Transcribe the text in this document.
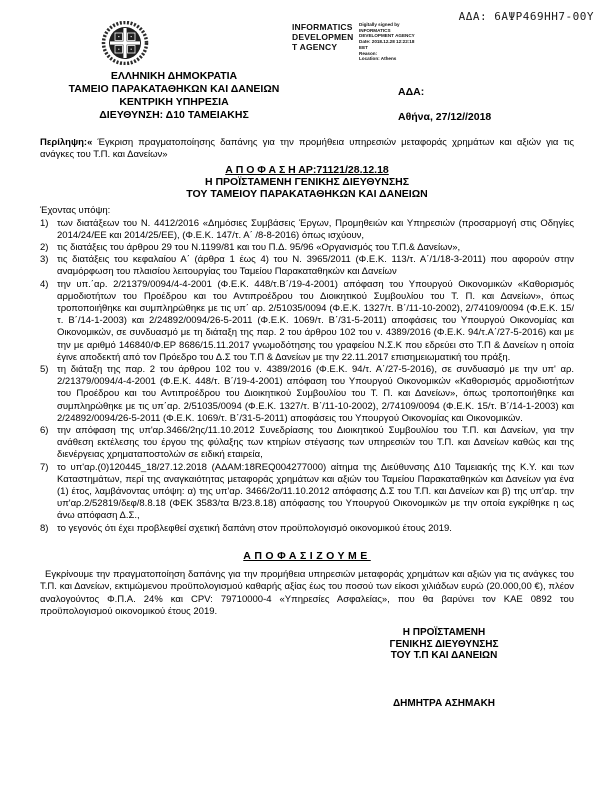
ΑΔΑ: 6ΑΨΡ469ΗΗ7-00Υ
INFORMATICS
DEVELOPMEN
T AGENCY
Digitally signed by
INFORMATICS
DEVELOPMENT AGENCY
Date: 2018.12.28 12:22:18
EET
Reason:
Location: Athens
ΕΛΛΗΝΙΚΗ ΔΗΜΟΚΡΑΤΙΑ
ΤΑΜΕΙΟ ΠΑΡΑΚΑΤΑΘΗΚΩΝ ΚΑΙ ΔΑΝΕΙΩΝ
ΚΕΝΤΡΙΚΗ ΥΠΗΡΕΣΙΑ
ΔΙΕΥΘΥΝΣΗ: Δ10 ΤΑΜΕΙΑΚΗΣ
ΑΔΑ:
Αθήνα, 27/12//2018

Περίληψη:« Έγκριση πραγματοποίησης δαπάνης για την προμήθεια υπηρεσιών μεταφοράς χρημάτων και αξιών για τις ανάγκες του Τ.Π. και Δανείων»

Α Π Ο Φ Α Σ Η ΑΡ:71121/28.12.18
Η ΠΡΟΪΣΤΑΜΕΝΗ ΓΕΝΙΚΗΣ ΔΙΕΥΘΥΝΣΗΣ
ΤΟΥ ΤΑΜΕΙΟΥ ΠΑΡΑΚΑΤΑΘΗΚΩΝ ΚΑΙ ΔΑΝΕΙΩΝ
Έχοντας υπόψη:
1) των διατάξεων του Ν. 4412/2016 «Δημόσιες Συμβάσεις Έργων, Προμηθειών και Υπηρεσιών (προσαρμογή στις Οδηγίες 2014/24/ΕΕ και 2014/25/ΕΕ), (Φ.Ε.Κ. 147/τ. Α΄ /8-8-2016) όπως ισχύουν,
2) τις διατάξεις του άρθρου 29 του Ν.1199/81 και του Π.Δ. 95/96 «Οργανισμός του Τ.Π.& Δανείων»,
3) τις διατάξεις του κεφαλαίου Α΄ (άρθρα 1 έως 4) του Ν. 3965/2011 (Φ.Ε.Κ. 113/τ. Α΄/1/18-3-2011) που αφορούν στην αναμόρφωση του πλαισίου λειτουργίας του Ταμείου Παρακαταθηκών και Δανείων
4) την υπ.΄αρ. 2/21379/0094/4-4-2001 (Φ.Ε.Κ. 448/τ.Β΄/19-4-2001) απόφαση του Υπουργού Οικονομικών «Καθορισμός αρμοδιοτήτων του Προέδρου και του Αντιπροέδρου του Διοικητικού Συμβουλίου του Τ. Π. και Δανείων», όπως τροποποιήθηκε και συμπληρώθηκε με τις υπ΄ αρ. 2/51035/0094 (Φ.Ε.Κ. 1327/τ. Β΄/11-10-2002), 2/74109/0094 (Φ.Ε.Κ. 15/τ. Β΄/14-1-2003) και 2/24892/0094/26-5-2011 (Φ.Ε.Κ. 1069/τ. Β΄/31-5-2011) αποφάσεις του Υπουργού Οικονομίας και Οικονομικών, σε συνδυασμό με τη διάταξη της παρ. 2 του άρθρου 102 του ν. 4389/2016 (Φ.Ε.Κ. 94/τ.Α΄/27-5-2016) και με την με αριθμό 146840/Φ.ΕΡ 8686/15.11.2017 γνωμοδότησης του γραφείου Ν.Σ.Κ που εδρεύει στο Τ.Π & Δανείων η οποία έγινε αποδεκτή από τον Πρόεδρο του Δ.Σ του Τ.Π & Δανείων με την 22.11.2017 επισημειωματική του πράξη.
5) τη διάταξη της παρ. 2 του άρθρου 102 του ν. 4389/2016 (Φ.Ε.Κ. 94/τ. Α΄/27-5-2016), σε συνδυασμό με την υπ' αρ. 2/21379/0094/4-4-2001 (Φ.Ε.Κ. 448/τ. Β΄/19-4-2001) απόφαση του Υπουργού Οικονομικών «Καθορισμός αρμοδιοτήτων του Προέδρου και του Αντιπροέδρου του Διοικητικού Συμβουλίου του Τ. Π. και Δανείων», όπως τροποποιήθηκε και συμπληρώθηκε με τις υπ΄αρ. 2/51035/0094 (Φ.Ε.Κ. 1327/τ. Β΄/11-10-2002), 2/74109/0094 (Φ.Ε.Κ. 15/τ. Β΄/14-1-2003) και 2/24892/0094/26-5-2011 (Φ.Ε.Κ. 1069/τ. Β΄/31-5-2011) αποφάσεις του Υπουργού Οικονομίας και Οικονομικών.
6) την απόφαση της υπ'αρ.3466/2ης/11.10.2012 Συνεδρίασης του Διοικητικού Συμβουλίου του Τ.Π. και Δανείων, για την ανάθεση εκτέλεσης του έργου της φύλαξης των κτηρίων στέγασης των υπηρεσιών του Τ.Π. και Δανείων καθώς και της διενέργειας χρηματαποστολών σε ειδική εταιρεία,
7) το υπ'αρ.(0)120445_18/27.12.2018 (ΑΔΑΜ:18REQ004277000) αίτημα της Διεύθυνσης Δ10 Ταμειακής της Κ.Υ. και των Καταστημάτων, περί της αναγκαιότητας μεταφοράς χρημάτων και αξιών του Ταμείου Παρακαταθηκών και Δανείων για ένα (1) έτος, λαμβάνοντας υπόψη: α) της υπ'αρ. 3466/2ο/11.10.2012 απόφασης Δ.Σ του Τ.Π. και Δανείων και β) της υπ'αρ. την υπ'αρ.2/52819/δεφ/8.8.18 (ΦΕΚ 3583/τα Β/23.8.18) απόφασης του Υπουργού Οικονομικών με την οποία εγκρίθηκε η ως άνω απόφαση Δ.Σ.,
8) το γεγονός ότι έχει προβλεφθεί σχετική δαπάνη στον προϋπολογισμό οικονομικού έτους 2019.
ΑΠΟΦΑΣΙΖΟΥΜΕ

Εγκρίνουμε την πραγματοποίηση δαπάνης για την προμήθεια υπηρεσιών μεταφοράς χρημάτων και αξιών για τις ανάγκες του Τ.Π. και Δανείων, εκτιμώμενου προϋπολογισμού καθαρής αξίας έως του ποσού των είκοσι χιλιάδων ευρώ (20.000,00 €), πλέον αναλογούντος Φ.Π.Α. 24% και CPV: 79710000-4 «Υπηρεσίες Ασφαλείας», που θα βαρύνει τον ΚΑΕ 0892 του προϋπολογισμού οικονομικού έτους 2019.

Η ΠΡΟΪΣΤΑΜΕΝΗ
ΓΕΝΙΚΗΣ ΔΙΕΥΘΥΝΣΗΣ
ΤΟΥ Τ.Π ΚΑΙ ΔΑΝΕΙΩΝ
ΔΗΜΗΤΡΑ ΑΣΗΜΑΚΗ
